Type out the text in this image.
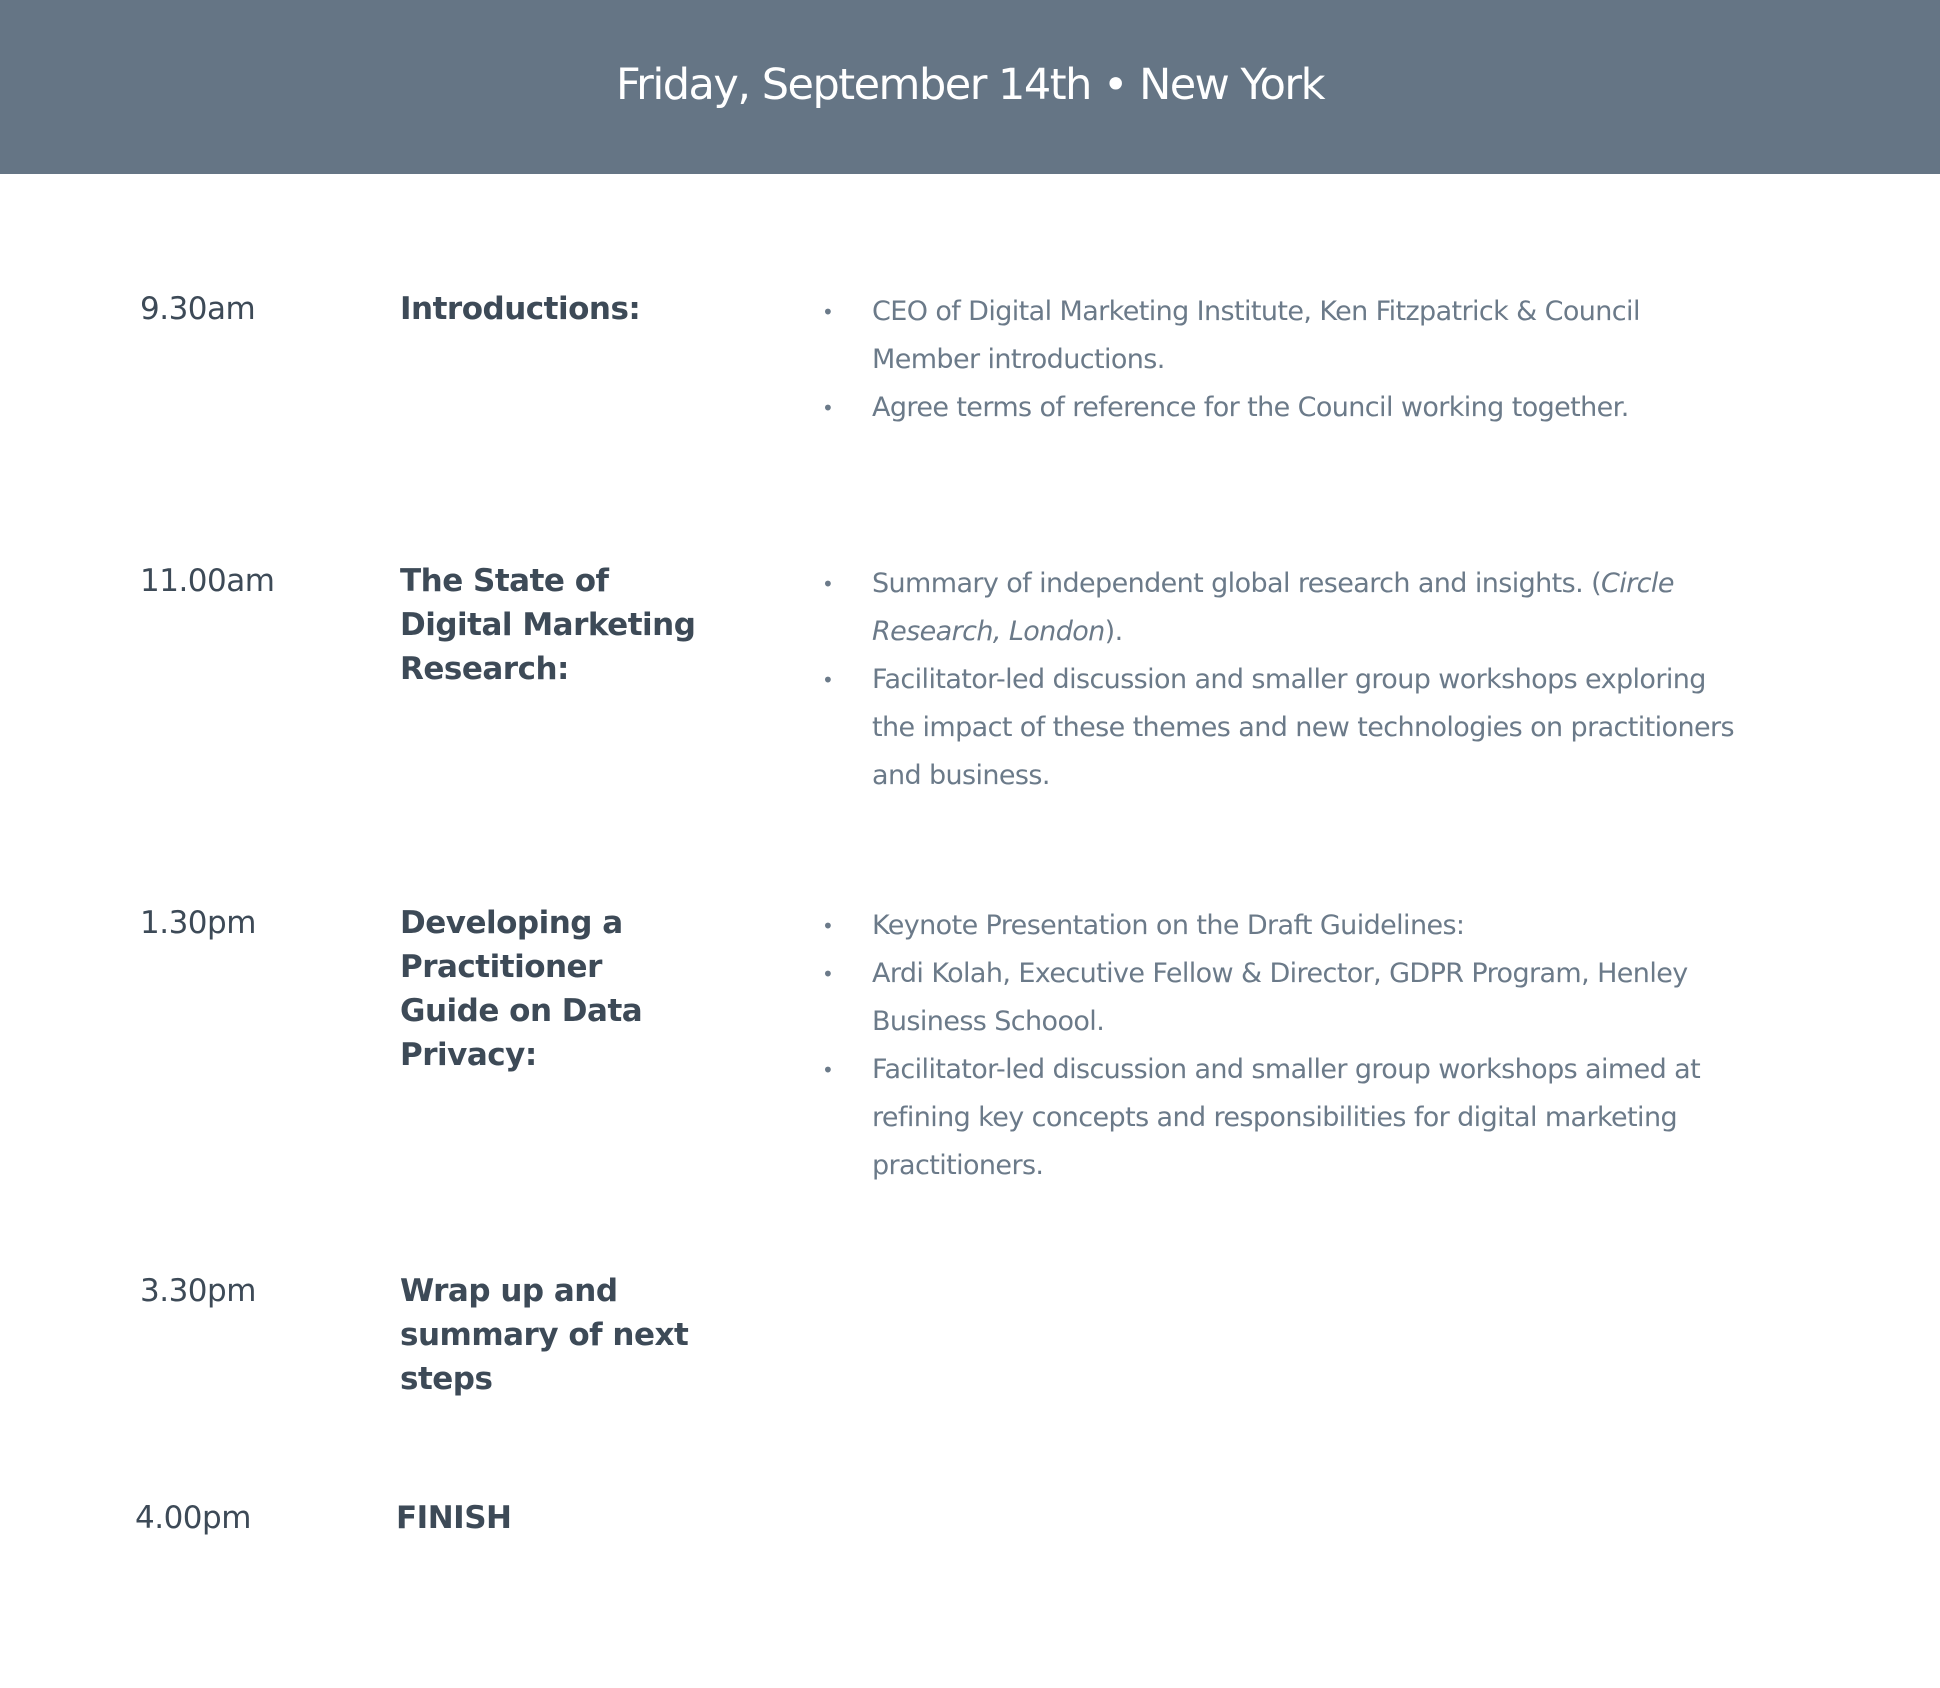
Friday, September 14th • New York
9.30am	Introductions:	• CEO of Digital Marketing Institute, Ken Fitzpatrick & Council Member introductions.
• Agree terms of reference for the Council working together.
11.00am	The State of Digital Marketing Research:
• Summary of independent global research and insights. (Circle Research, London).
• Facilitator-led discussion and smaller group workshops exploring the impact of these themes and new technologies on practitioners and business.
1.30pm	Developing a Practitioner Guide on Data Privacy:
• Keynote Presentation on the Draft Guidelines:
• Ardi Kolah, Executive Fellow & Director, GDPR Program, Henley Business Schoool.
• Facilitator-led discussion and smaller group workshops aimed at refining key concepts and responsibilities for digital marketing practitioners.
3.30pm	Wrap up and summary of next steps
4.00pm	FINISH
